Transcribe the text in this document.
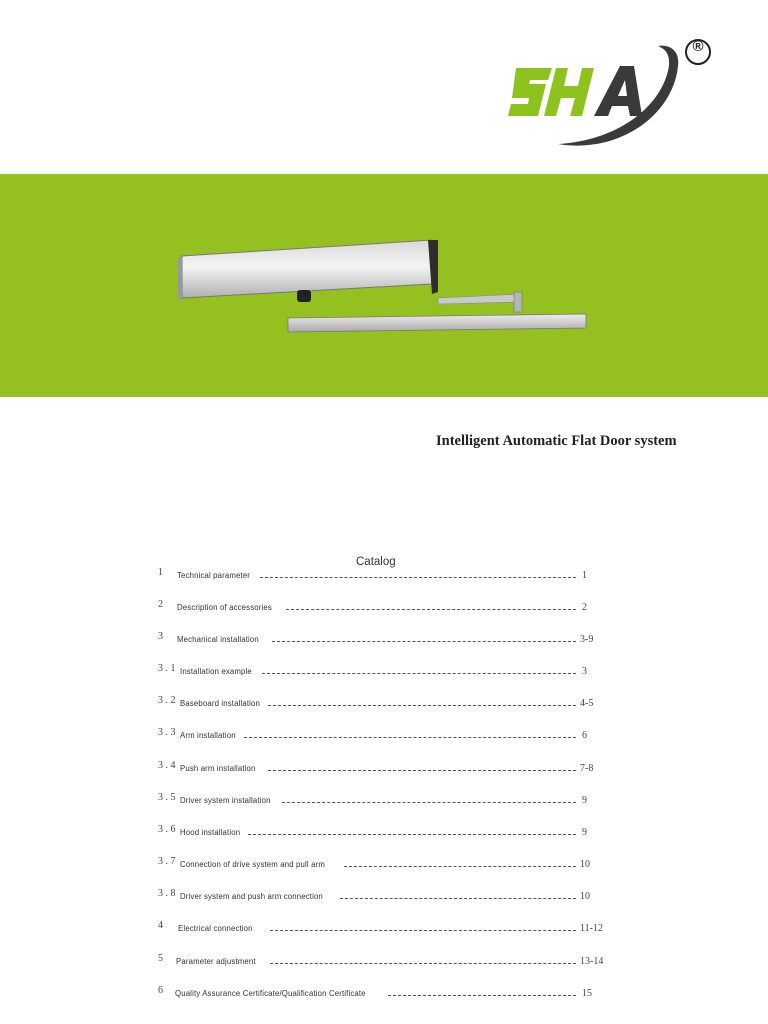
®
Intelligent Automatic Flat Door system
Catalog
1 Technical parameter	1
2 Description of accessories	2
3 Mechanical installation	3-9
3 . 1 Installation example	3
3 . 2 Baseboard installation	4-5
3 . 3 Arm installation	6
3 . 4 Push arm installation	7-8
3 . 5 Driver system installation	9
3 . 6 Hood installation	9
3 . 7 Connection of drive system and pull arm	10
3 . 8 Driver system and push arm connection	10
4 Electrical connection	11-12
5 Parameter adjustment	13-14
6 Quality Assurance Certificate/Qualification Certificate	15
